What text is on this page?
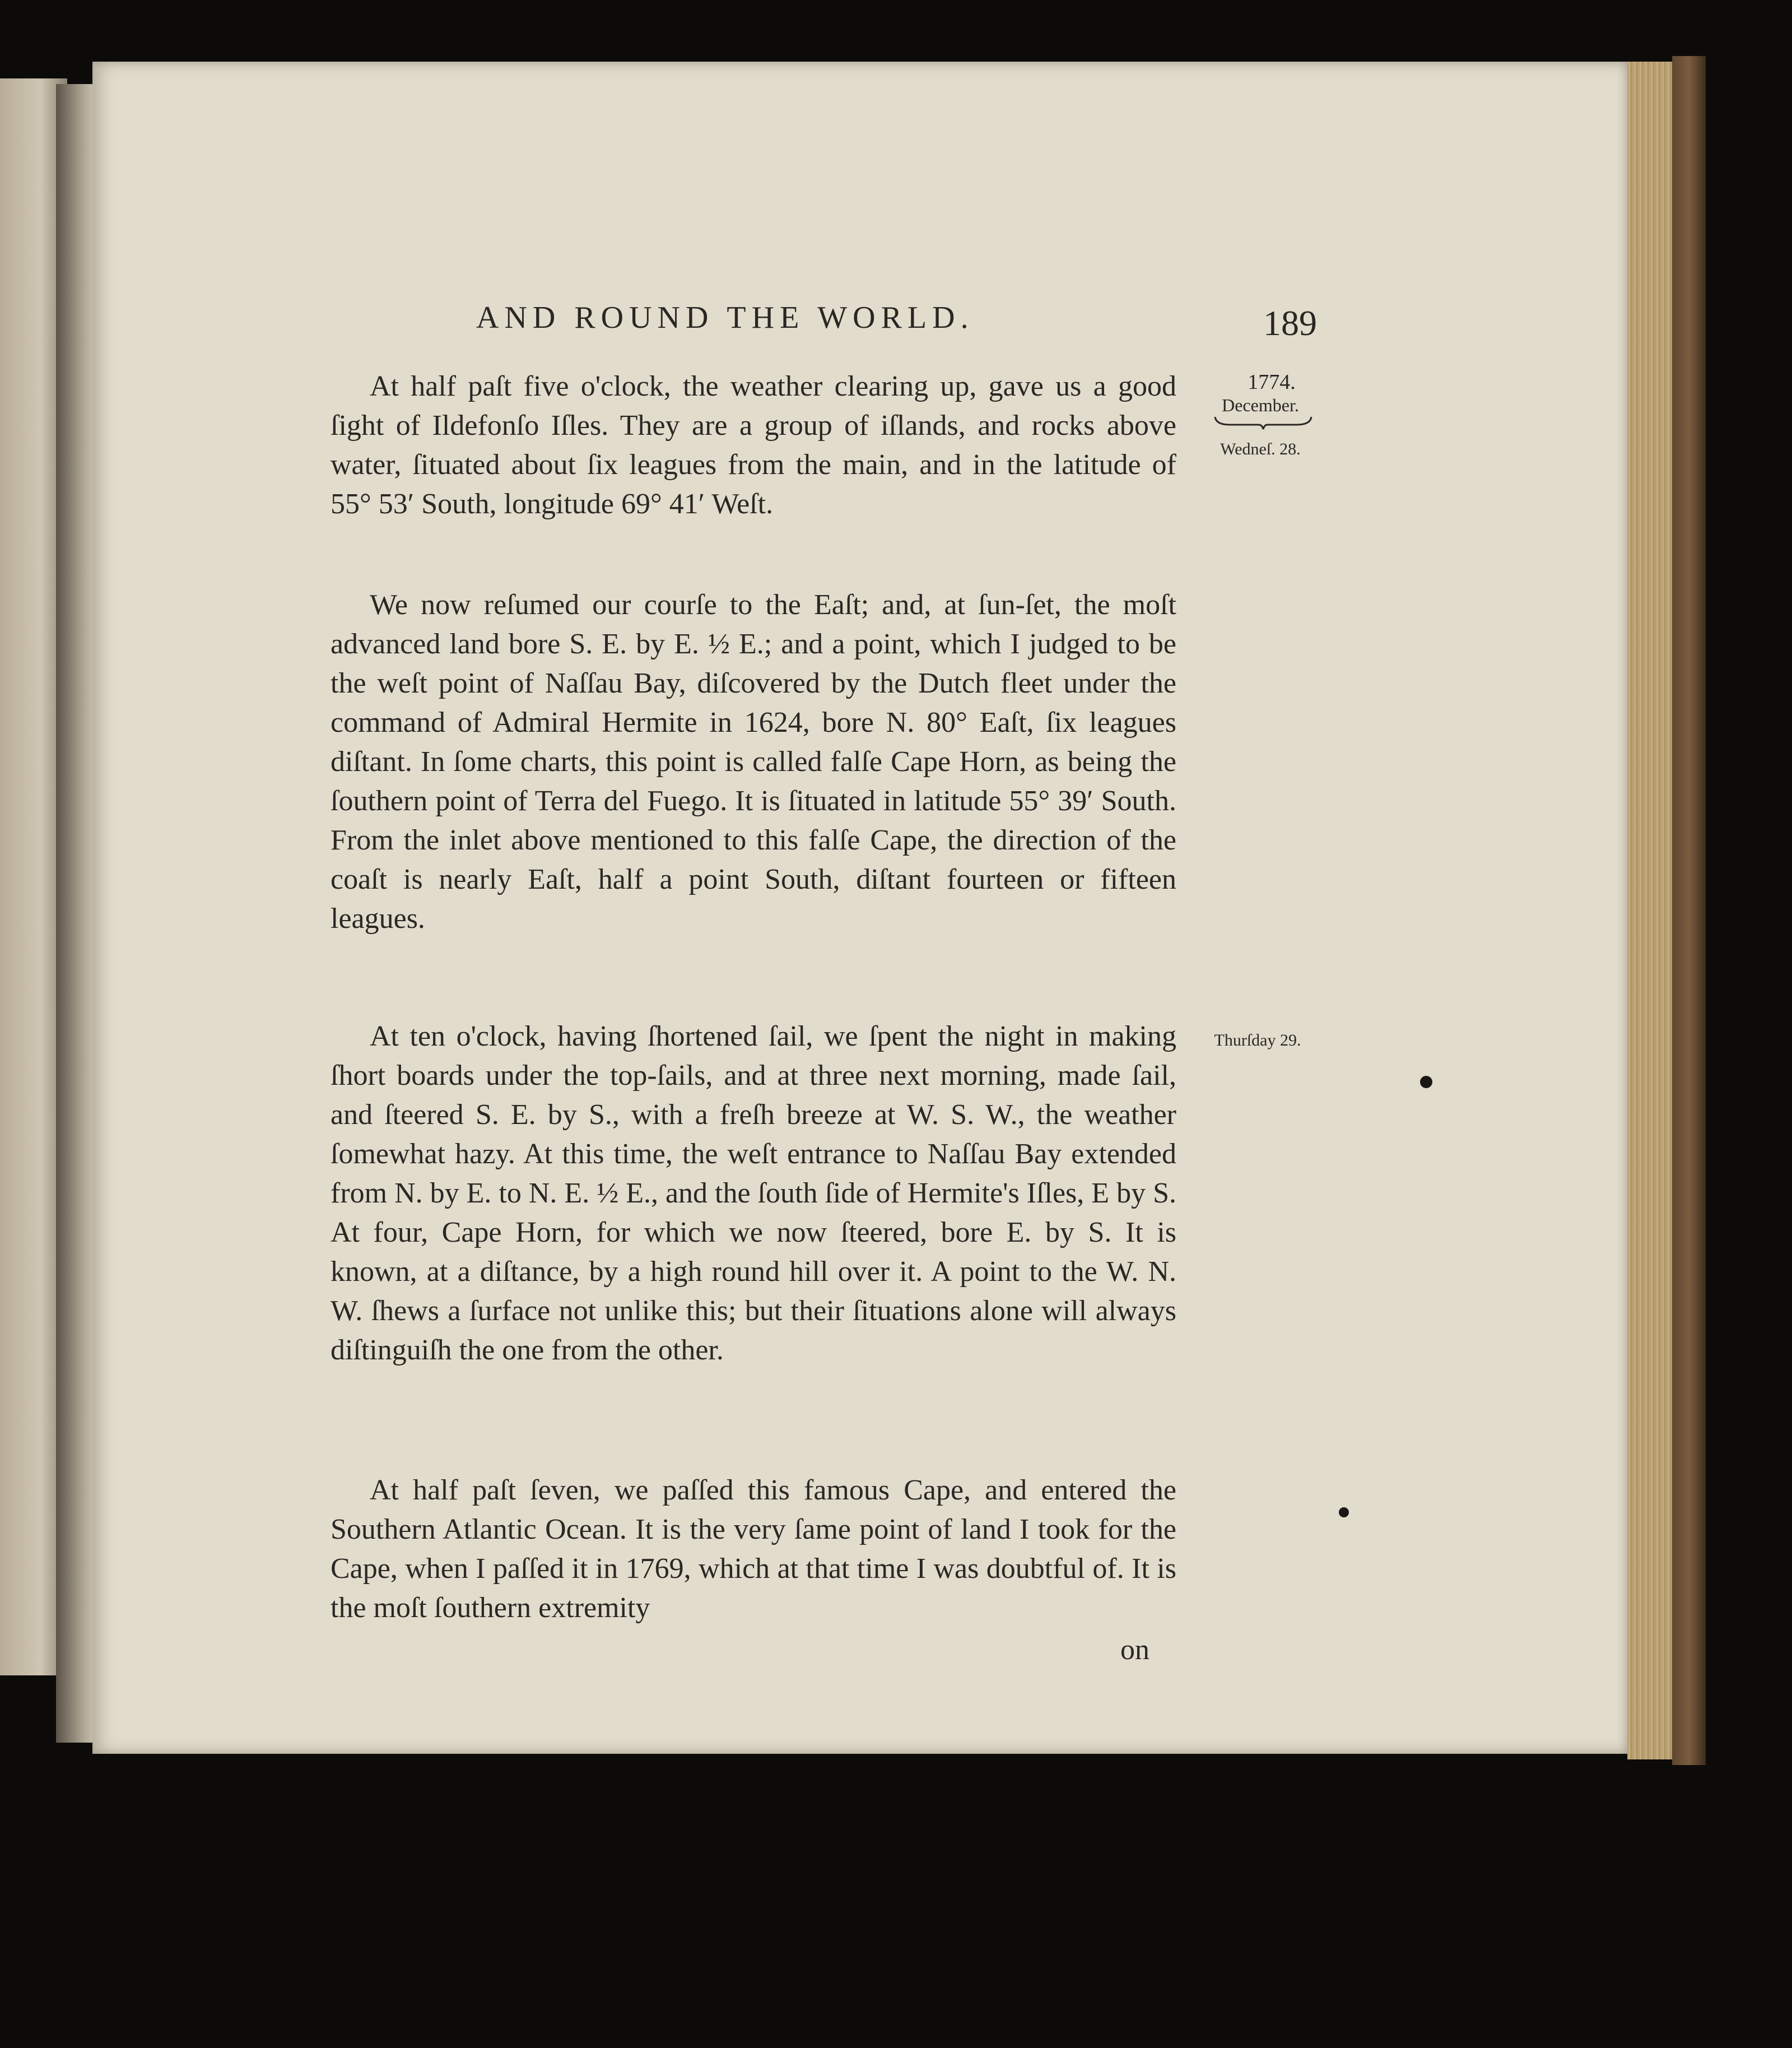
AND ROUND THE WORLD.	189
1774.
December.
Wedneſ. 28.
Thurſday 29.

At half paſt five o'clock, the weather clearing up, gave us a good ſight of Ildefonſo Iſles. They are a group of iſlands, and rocks above water, ſituated about ſix leagues from the main, and in the latitude of 55° 53′ South, longitude 69° 41′ Weſt.

We now reſumed our courſe to the Eaſt; and, at ſun-ſet, the moſt advanced land bore S. E. by E. ½ E.; and a point, which I judged to be the weſt point of Naſſau Bay, diſcovered by the Dutch fleet under the command of Admiral Hermite in 1624, bore N. 80° Eaſt, ſix leagues diſtant. In ſome charts, this point is called falſe Cape Horn, as being the ſouthern point of Terra del Fuego. It is ſituated in latitude 55° 39′ South. From the inlet above mentioned to this falſe Cape, the direction of the coaſt is nearly Eaſt, half a point South, diſtant fourteen or fifteen leagues.

At ten o'clock, having ſhortened ſail, we ſpent the night in making ſhort boards under the top-ſails, and at three next morning, made ſail, and ſteered S. E. by S., with a freſh breeze at W. S. W., the weather ſomewhat hazy. At this time, the weſt entrance to Naſſau Bay extended from N. by E. to N. E. ½ E., and the ſouth ſide of Hermite's Iſles, E by S. At four, Cape Horn, for which we now ſteered, bore E. by S. It is known, at a diſtance, by a high round hill over it. A point to the W. N. W. ſhews a ſurface not unlike this; but their ſituations alone will always diſtinguiſh the one from the other.

At half paſt ſeven, we paſſed this famous Cape, and entered the Southern Atlantic Ocean. It is the very ſame point of land I took for the Cape, when I paſſed it in 1769, which at that time I was doubtful of. It is the moſt ſouthern extremity

on
